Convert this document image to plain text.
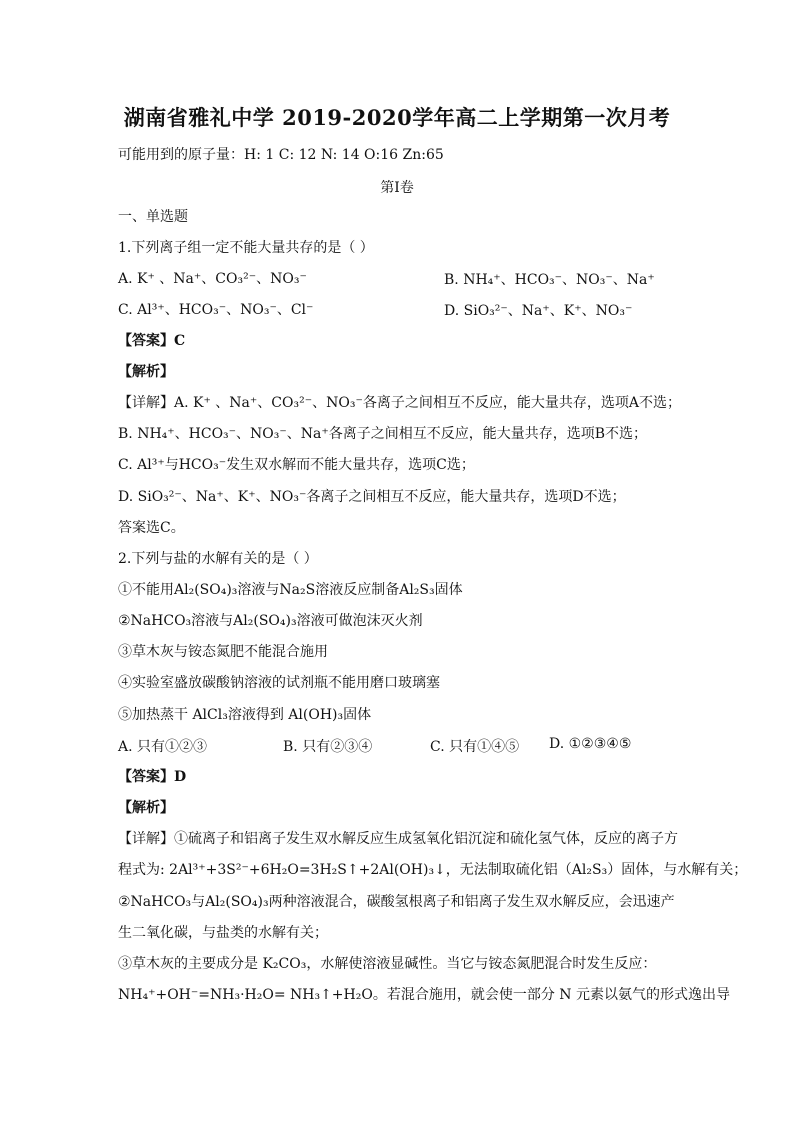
湖南省雅礼中学 2019-2020学年高二上学期第一次月考
可能用到的原子量：H: 1 C: 12 N: 14 O:16 Zn:65
第I卷
一、单选题
1.下列离子组一定不能大量共存的是（ ）
A. K⁺ 、Na⁺、CO₃²⁻、NO₃⁻	B. NH₄⁺、HCO₃⁻、NO₃⁻、Na⁺
C. Al³⁺、HCO₃⁻、NO₃⁻、Cl⁻	D. SiO₃²⁻、Na⁺、K⁺、NO₃⁻
【答案】C
【解析】
【详解】A. K⁺ 、Na⁺、CO₃²⁻、NO₃⁻各离子之间相互不反应，能大量共存，选项A不选；
B. NH₄⁺、HCO₃⁻、NO₃⁻、Na⁺各离子之间相互不反应，能大量共存，选项B不选；
C. Al³⁺与HCO₃⁻发生双水解而不能大量共存，选项C选；
D. SiO₃²⁻、Na⁺、K⁺、NO₃⁻各离子之间相互不反应，能大量共存，选项D不选；
答案选C。
2.下列与盐的水解有关的是（ ）
①不能用Al₂(SO₄)₃溶液与Na₂S溶液反应制备Al₂S₃固体
②NaHCO₃溶液与Al₂(SO₄)₃溶液可做泡沫灭火剂
③草木灰与铵态氮肥不能混合施用
④实验室盛放碳酸钠溶液的试剂瓶不能用磨口玻璃塞
⑤加热蒸干 AlCl₃溶液得到 Al(OH)₃固体
A. 只有①②③	B. 只有②③④	C. 只有①④⑤ D. ①②③④⑤
【答案】D
【解析】
【详解】①硫离子和铝离子发生双水解反应生成氢氧化铝沉淀和硫化氢气体，反应的离子方
程式为: 2Al³⁺+3S²⁻+6H₂O=3H₂S↑+2Al(OH)₃↓，无法制取硫化铝（Al₂S₃）固体，与水解有关；
②NaHCO₃与Al₂(SO₄)₃两种溶液混合，碳酸氢根离子和铝离子发生双水解反应，会迅速产
生二氧化碳，与盐类的水解有关；
③草木灰的主要成分是 K₂CO₃，水解使溶液显碱性。当它与铵态氮肥混合时发生反应：
NH₄⁺+OH⁻=NH₃·H₂O= NH₃↑+H₂O。若混合施用，就会使一部分 N 元素以氨气的形式逸出导
